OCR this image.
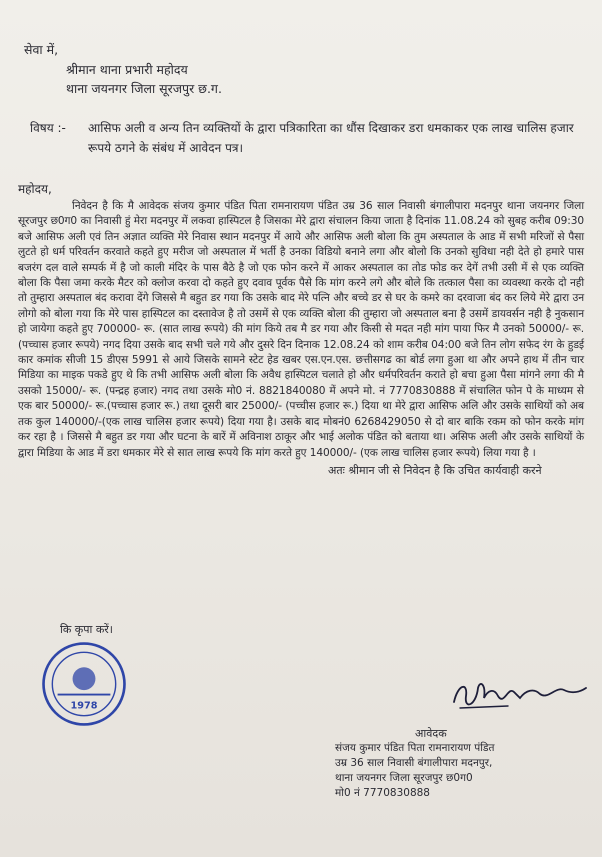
सेवा में,
श्रीमान थाना प्रभारी महोदय
थाना जयनगर जिला सूरजपुर छ.ग.
विषय :-	आसिफ अली व अन्य तिन व्यक्तियों के द्वारा पत्रिकारिता का धौंस दिखाकर डरा धमकाकर एक लाख चालिस हजार रूपये ठगने के संबंध में आवेदन पत्र।
महोदय,

निवेदन है कि मै आवेदक संजय कुमार पंडित पिता रामनारायण पंडित उम्र 36 साल निवासी बंगालीपारा मदनपुर थाना जयनगर जिला सूरजपुर छ0ग0 का निवासी हुं मेरा मदनपुर में लकवा हास्पिटल है जिसका मेरे द्वारा संचालन किया जाता है दिनांक 11.08.24 को सुबह करीब 09:30 बजे आसिफ अली एवं तिन अज्ञात व्यक्ति मेरे निवास स्थान मदनपुर में आये और आसिफ अली बोला कि तुम अस्पताल के आड में सभी मरिजों से पैसा लुटते हो धर्म परिवर्तन करवाते कहते हुए मरीज जो अस्पताल में भर्ती है उनका विडियो बनाने लगा और बोलो कि उनको सुविधा नही देते हो हमारे पास बजरंग दल वाले सम्पर्क में है जो काली मंदिर के पास बैठे है जो एक फोन करने में आकर अस्पताल का तोड फोड कर देगें तभी उसी में से एक व्यक्ति बोला कि पैसा जमा करके मैटर को क्लोज करवा दो कहते हुए दवाव पूर्वक पैसे कि मांग करने लगे और बोले कि तत्काल पैसा का व्यवस्था करके दो नही तो तुम्हारा अस्पताल बंद करावा देंगे जिससे मै बहुत डर गया कि उसके बाद मेरे पत्नि और बच्चे डर से घर के कमरे का दरवाजा बंद कर लिये मेरे द्वारा उन लोगो को बोला गया कि मेरे पास हास्पिटल का दस्तावेज है तो उसमें से एक व्यक्ति बोला की तुम्हारा जो अस्पताल बना है उसमें डायवर्सन नही है नुकसान हो जायेगा कहते हुए 700000- रू. (सात लाख रूपये) की मांग किये तब मै डर गया और किसी से मदत नही मांग पाया फिर मै उनको 50000/- रू. (पच्चास हजार रूपये) नगद दिया उसके बाद सभी चले गये और दुसरे दिन दिनाक 12.08.24 को शाम करीब 04:00 बजे तिन लोग सफेद रंग के हुडई कार कमांक सीजी 15 डीएस 5991 से आये जिसके सामने स्टेट हेड खबर एस.एन.एस. छत्तीसगढ का बोर्ड लगा हुआ था और अपने हाथ में तीन चार मिडिया का माइक पकडे हुए थे कि तभी आसिफ अली बोला कि अवैध हास्पिटल चलाते हो और धर्मपरिवर्तन कराते हो बचा हुआ पैसा मांगने लगा की मै उसको 15000/- रू. (पन्द्रह हजार) नगद तथा उसके मो0 नं. 8821840080 में अपने मो. नं 7770830888 में संचालित फोन पे के माध्यम से एक बार 50000/- रू.(पच्चास हजार रू.) तथा दूसरी बार 25000/- (पच्चीस हजार रू.) दिया था मेरे द्वारा आसिफ अलि और उसके साथियों को अब तक कुल 140000/-(एक लाख चालिस हजार रूपये) दिया गया है। उसके बाद मोबनं0 6268429050 से दो बार बाकि रकम को फोन करके मांग कर रहा है । जिससे मै बहुत डर गया और घटना के बारें में अविनाश ठाकूर और भाई अलोक पंडित को बताया था। असिफ अली और उसके साथियों के द्वारा मिडिया के आड में डरा धमकार मेरे से सात लाख रूपये कि मांग करते हुए 140000/- (एक लाख चालिस हजार रूपये) लिया गया है ।

अतः श्रीमान जी से निवेदन है कि उचित कार्यवाही करने
कि कृपा करें।
1978
आवेदक
संजय कुमार पंडित पिता रामनारायण पंडित
उम्र 36 साल निवासी बंगालीपारा मदनपुर,
थाना जयनगर जिला सूरजपुर छ0ग0
मो0 नं 7770830888
